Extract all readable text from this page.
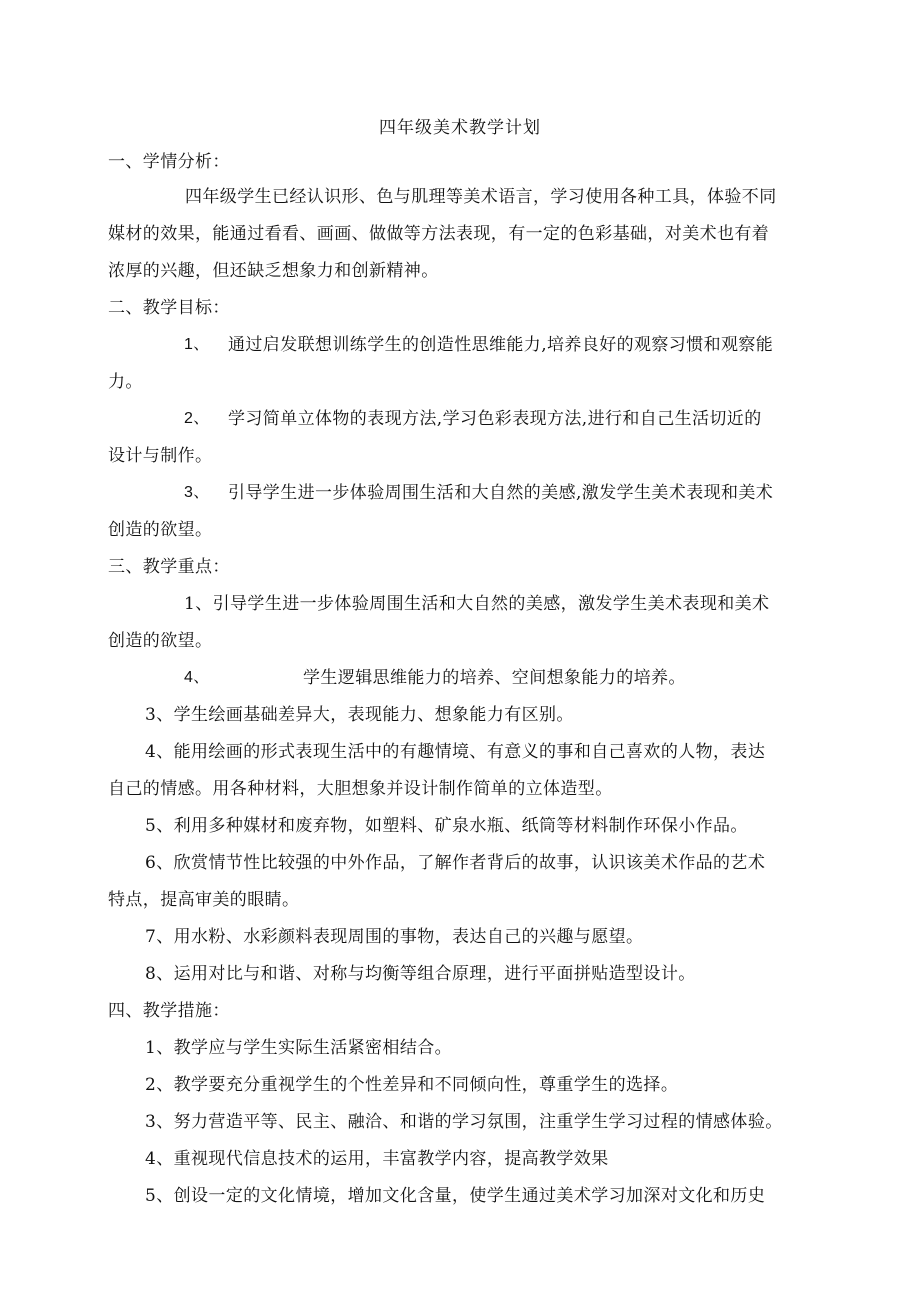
四年级美术教学计划
一、学情分析：
四年级学生已经认识形、色与肌理等美术语言，学习使用各种工具，体验不同
媒材的效果，能通过看看、画画、做做等方法表现，有一定的色彩基础，对美术也有着
浓厚的兴趣，但还缺乏想象力和创新精神。
二、教学目标：
1、 通过启发联想训练学生的创造性思维能力,培养良好的观察习惯和观察能
力。
2、 学习简单立体物的表现方法,学习色彩表现方法,进行和自己生活切近的
设计与制作。
3、 引导学生进一步体验周围生活和大自然的美感,激发学生美术表现和美术
创造的欲望。
三、教学重点：
1、引导学生进一步体验周围生活和大自然的美感，激发学生美术表现和美术
创造的欲望。
4、	学生逻辑思维能力的培养、空间想象能力的培养。
3、学生绘画基础差异大，表现能力、想象能力有区别。
4、能用绘画的形式表现生活中的有趣情境、有意义的事和自己喜欢的人物，表达
自己的情感。用各种材料，大胆想象并设计制作简单的立体造型。
5、利用多种媒材和废弃物，如塑料、矿泉水瓶、纸筒等材料制作环保小作品。
6、欣赏情节性比较强的中外作品，了解作者背后的故事，认识该美术作品的艺术
特点，提高审美的眼睛。
7、用水粉、水彩颜料表现周围的事物，表达自己的兴趣与愿望。
8、运用对比与和谐、对称与均衡等组合原理，进行平面拼贴造型设计。
四、教学措施：
1、教学应与学生实际生活紧密相结合。
2、教学要充分重视学生的个性差异和不同倾向性，尊重学生的选择。
3、努力营造平等、民主、融洽、和谐的学习氛围，注重学生学习过程的情感体验。
4、重视现代信息技术的运用，丰富教学内容，提高教学效果
5、创设一定的文化情境，增加文化含量，使学生通过美术学习加深对文化和历史
